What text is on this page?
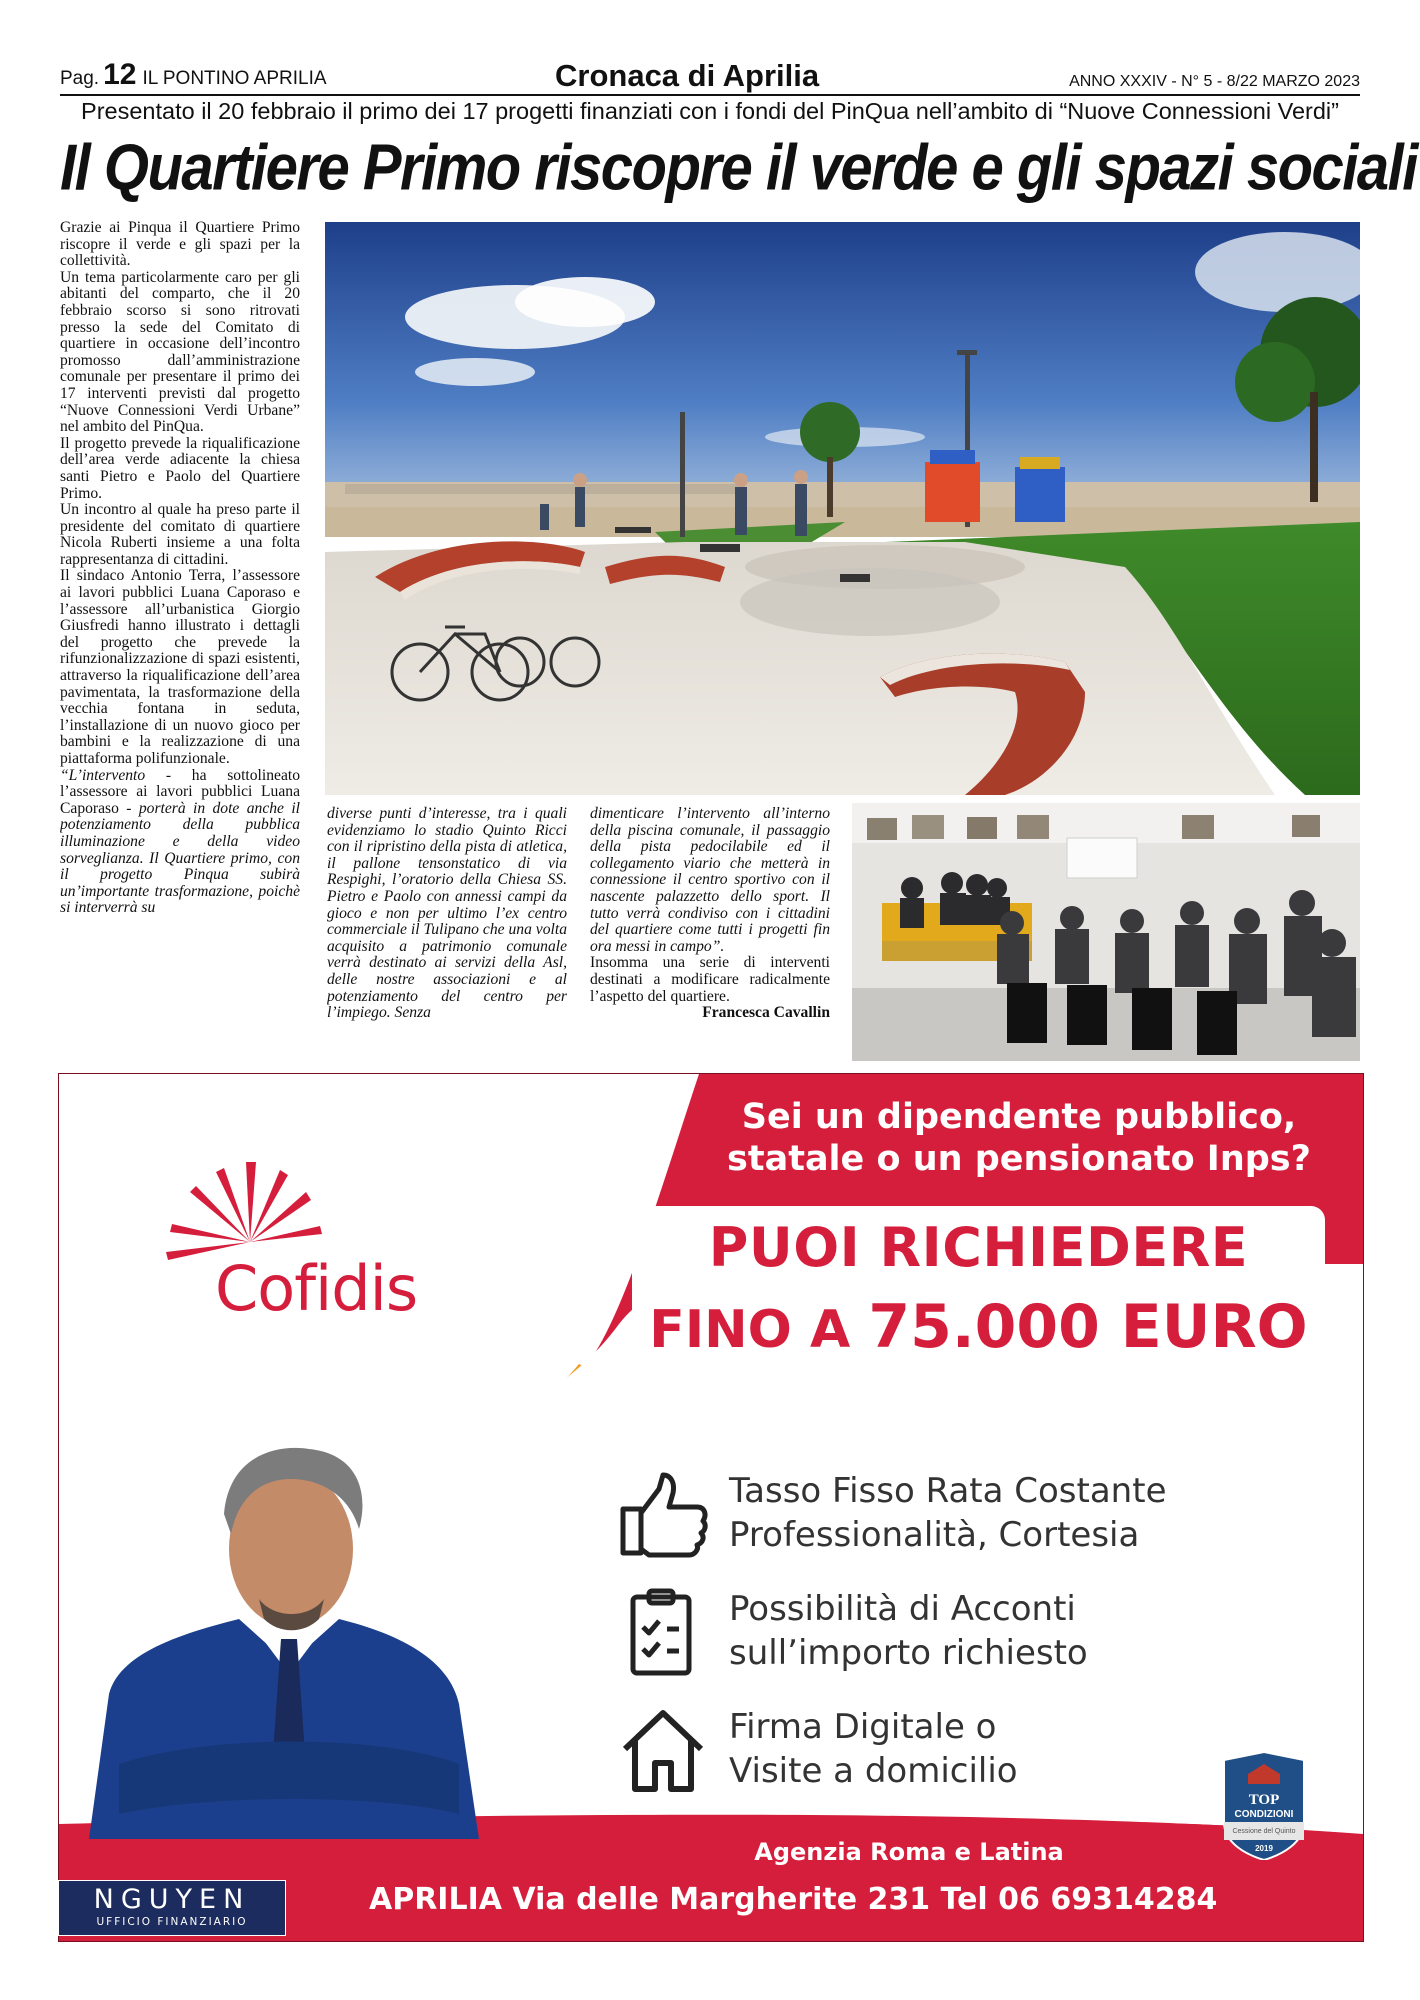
Pag. 12 IL PONTINO APRILIA	Cronaca di Aprilia	ANNO XXXIV - N° 5 - 8/22 MARZO 2023
Presentato il 20 febbraio il primo dei 17 progetti finanziati con i fondi del PinQua nell’ambito di “Nuove Connessioni Verdi”
Il Quartiere Primo riscopre il verde e gli spazi sociali

Grazie ai Pinqua il Quartiere Primo riscopre il verde e gli spazi per la collettività.

Un tema particolarmente caro per gli abitanti del comparto, che il 20 febbraio scorso si sono ritrovati presso la sede del Comitato di quartiere in occasione dell’incontro promosso dall’amministrazione comunale per presentare il primo dei 17 interventi previsti dal progetto “Nuove Connessioni Verdi Urbane” nel ambito del PinQua.

Il progetto prevede la riqualificazione dell’area verde adiacente la chiesa santi Pietro e Paolo del Quartiere Primo.

Un incontro al quale ha preso parte il presidente del comitato di quartiere Nicola Ruberti insieme a una folta rappresentanza di cittadini.

Il sindaco Antonio Terra, l’assessore ai lavori pubblici Luana Caporaso e l’assessore all’urbanistica Giorgio Giusfredi hanno illustrato i dettagli del progetto che prevede la rifunzionalizzazione di spazi esistenti, attraverso la riqualificazione dell’area pavimentata, la trasformazione della vecchia fontana in seduta, l’installazione di un nuovo gioco per bambini e la realizzazione di una piattaforma polifunzionale.

“L’intervento - ha sottolineato l’assessore ai lavori pubblici Luana Caporaso - porterà in dote anche il potenziamento della pubblica illuminazione e della video sorveglianza. Il Quartiere primo, con il progetto Pinqua subirà un’importante trasformazione, poichè si interverrà su

diverse punti d’interesse, tra i quali evidenziamo lo stadio Quinto Ricci con il ripristino della pista di atletica, il pallone tensonstatico di via Respighi, l’oratorio della Chiesa SS. Pietro e Paolo con annessi campi da gioco e non per ultimo l’ex centro commerciale il Tulipano che una volta acquisito a patrimonio comunale verrà destinato ai servizi della Asl, delle nostre associazioni e al potenziamento del centro per l’impiego. Senza

dimenticare l’intervento all’interno della piscina comunale, il passaggio della pista pedocilabile ed il collegamento viario che metterà in connessione il centro sportivo con il nascente palazzetto dello sport. Il tutto verrà condiviso con i cittadini del quartiere come tutti i progetti fin ora messi in campo”.

Insomma una serie di interventi destinati a modificare radicalmente l’aspetto del quartiere.

Francesca Cavallin

Sei un dipendente pubblico,
statale o un pensionato Inps?
PUOI RICHIEDERE
FINO A 75.000 EURO
Tasso Fisso Rata Costante
Professionalità, Cortesia
Possibilità di Acconti
sull’importo richiesto
Firma Digitale o
Visite a domicilio
Agenzia Roma e Latina
APRILIA Via delle Margherite 231 Tel 06 69314284
Cofidis
TOP
CONDIZIONI
Cessione del Quinto
2019
NGUYEN
UFFICIO FINANZIARIO
